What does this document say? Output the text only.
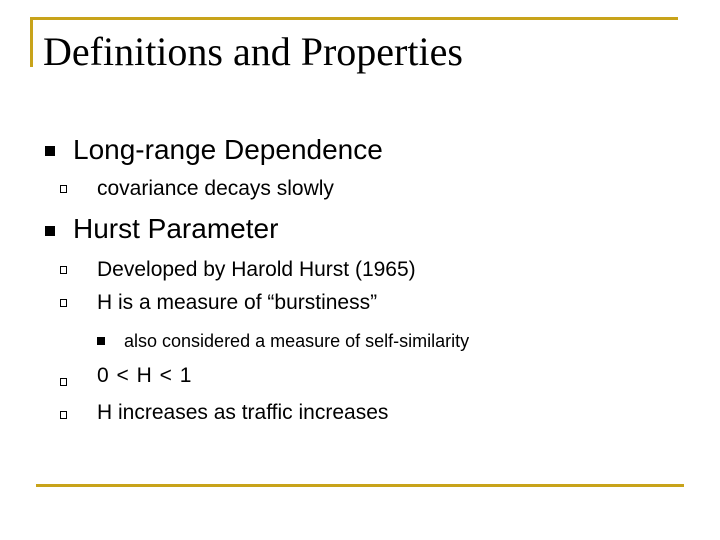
Definitions and Properties
Long-range Dependence
covariance decays slowly
Hurst Parameter
Developed by Harold Hurst (1965)
H is a measure of “burstiness”
also considered a measure of self-similarity
0 < H < 1
H increases as traffic increases
